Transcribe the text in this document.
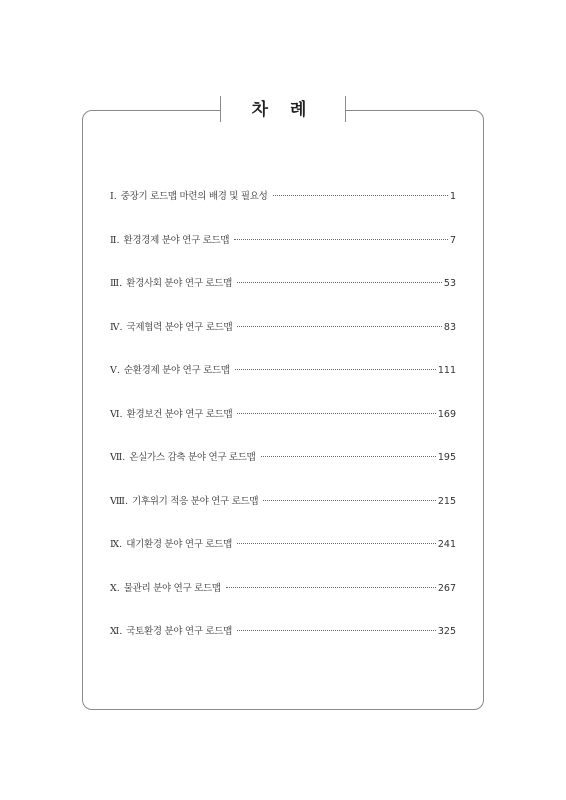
차 례
Ⅰ. 중장기 로드맵 마련의 배경 및 필요성	1
Ⅱ. 환경경제 분야 연구 로드맵	7
Ⅲ. 환경사회 분야 연구 로드맵	53
Ⅳ. 국제협력 분야 연구 로드맵	83
Ⅴ. 순환경제 분야 연구 로드맵	111
Ⅵ. 환경보건 분야 연구 로드맵	169
Ⅶ. 온실가스 감축 분야 연구 로드맵	195
Ⅷ. 기후위기 적응 분야 연구 로드맵	215
Ⅸ. 대기환경 분야 연구 로드맵	241
Ⅹ. 물관리 분야 연구 로드맵	267
Ⅺ. 국토환경 분야 연구 로드맵	325
